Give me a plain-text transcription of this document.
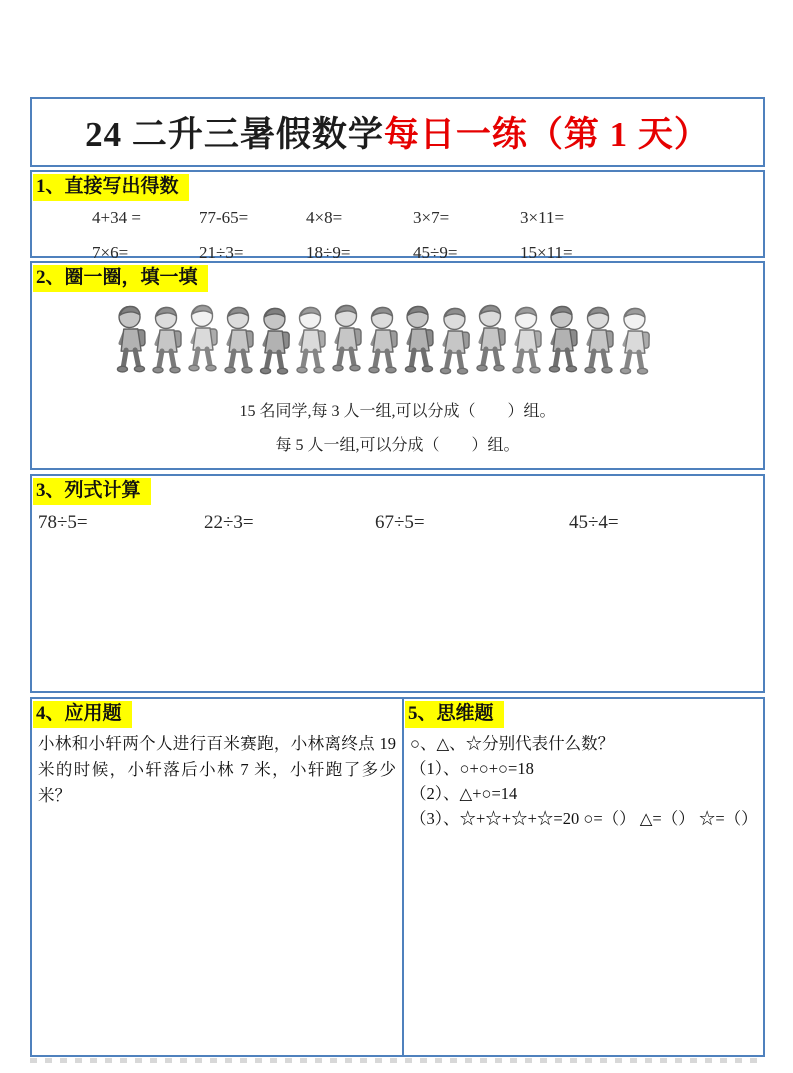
24 二升三暑假数学每日一练（第 1 天）
1、直接写出得数
4+34 =	77-65=	4×8=	3×7=	3×11=
7×6=	21÷3=	18÷9=	45÷9=	15×11=
2、圈一圈，填一填
15 名同学,每 3 人一组,可以分成（　　）组。
每 5 人一组,可以分成（　　）组。
3、列式计算
78÷5=	22÷3=	67÷5=	45÷4=
4、应用题
小林和小轩两个人进行百米赛跑，小林离终点 19 米的时候，小轩落后小林 7 米，小轩跑了多少米？
5、思维题
○、△、☆分别代表什么数？
（1）、○+○+○=18
（2）、△+○=14
（3）、☆+☆+☆+☆=20 ○=（） △=（） ☆=（）
